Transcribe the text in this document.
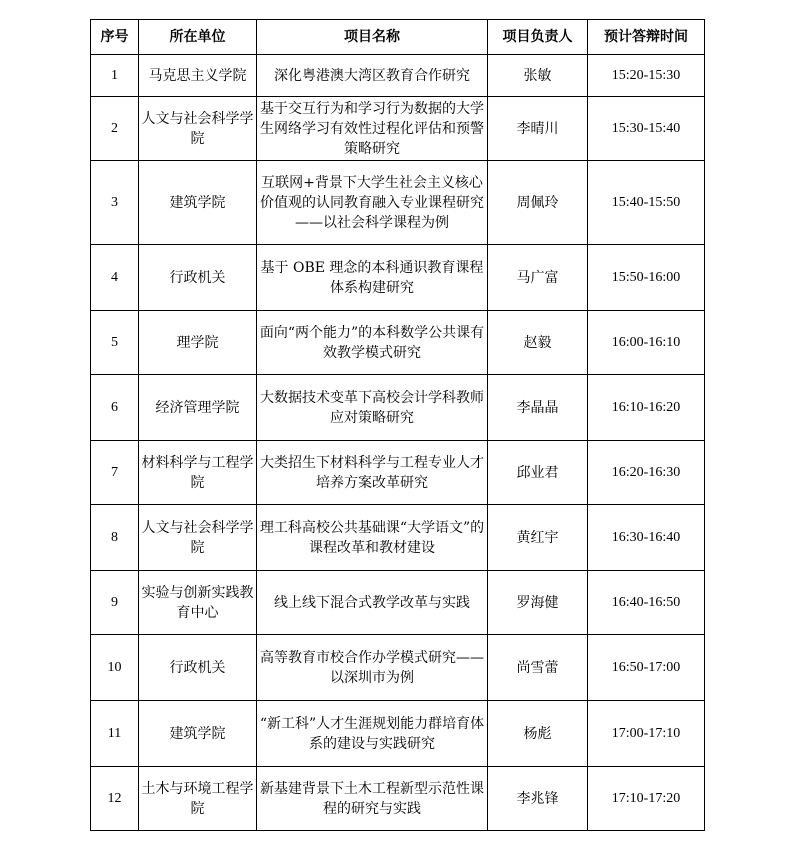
序号	所在单位	项目名称	项目负责人	预计答辩时间
1	马克思主义学院	深化粤港澳大湾区教育合作研究	张敏	15:20-15:30
2	人文与社会科学学院	基于交互行为和学习行为数据的大学生网络学习有效性过程化评估和预警策略研究	李晴川	15:30-15:40
3	建筑学院	互联网+背景下大学生社会主义核心价值观的认同教育融入专业课程研究——以社会科学课程为例	周佩玲	15:40-15:50
4	行政机关	基于 OBE 理念的本科通识教育课程体系构建研究	马广富	15:50-16:00
5	理学院	面向“两个能力”的本科数学公共课有效教学模式研究	赵毅	16:00-16:10
6	经济管理学院	大数据技术变革下高校会计学科教师应对策略研究	李晶晶	16:10-16:20
7	材料科学与工程学院	大类招生下材料科学与工程专业人才培养方案改革研究	邱业君	16:20-16:30
8	人文与社会科学学院	理工科高校公共基础课“大学语文”的课程改革和教材建设	黄红宇	16:30-16:40
9	实验与创新实践教育中心	线上线下混合式教学改革与实践	罗海健	16:40-16:50
10	行政机关	高等教育市校合作办学模式研究——以深圳市为例	尚雪蕾	16:50-17:00
11	建筑学院	“新工科”人才生涯规划能力群培育体系的建设与实践研究	杨彪	17:00-17:10
12	土木与环境工程学院	新基建背景下土木工程新型示范性课程的研究与实践	李兆锋	17:10-17:20
